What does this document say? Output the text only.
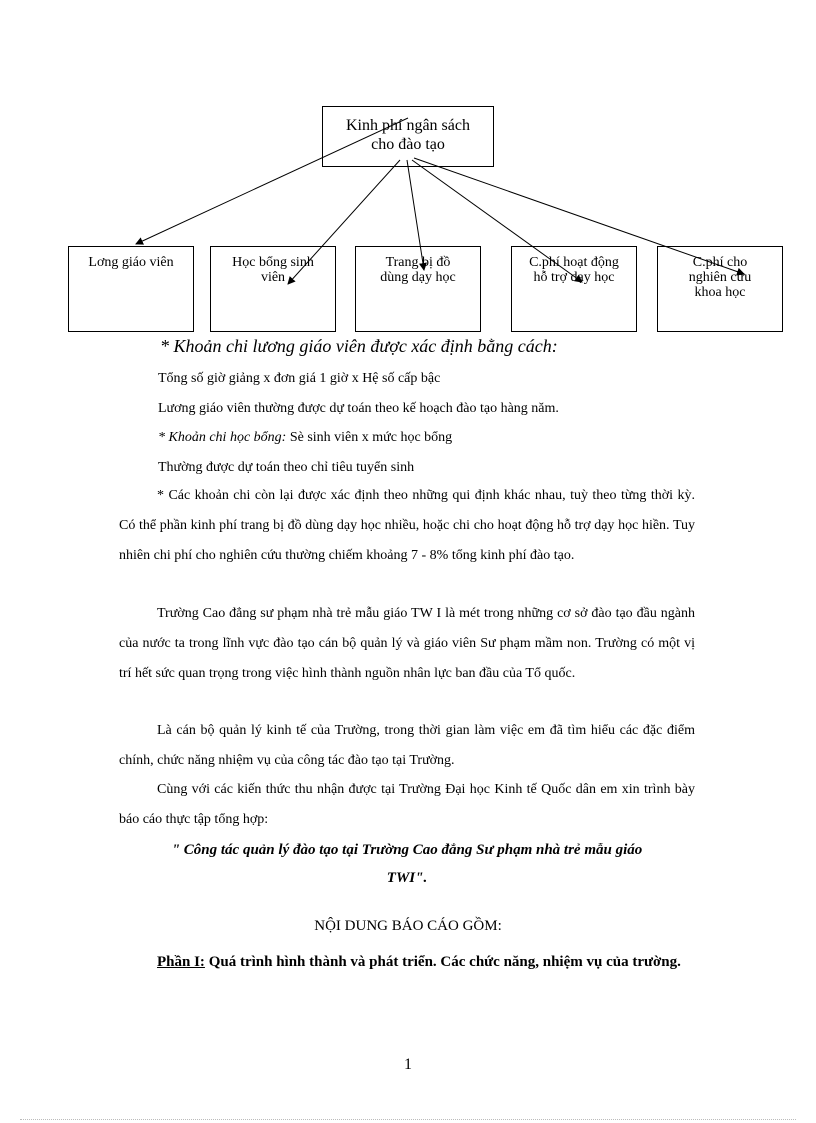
Kinh phí ngân sách
cho đào tạo
Lơng giáo viên	Học bổng sinh
viên
Trang bị đồ
dùng dạy học
C.phí hoạt động
hỗ trợ dạy học
C.phí cho
nghiên cứu
khoa học
* Khoản chi lương giáo viên được xác định bằng cách:
Tổng số giờ giảng x đơn giá 1 giờ x Hệ số cấp bậc
Lương giáo viên thường được dự toán theo kế hoạch đào tạo hàng năm.
* Khoản chi học bổng: Sè sinh viên x mức học bổng
Thường được dự toán theo chỉ tiêu tuyển sinh
* Các khoản chi còn lại được xác định theo những qui định khác nhau, tuỳ theo từng thời kỳ. Có thể phần kinh phí trang bị đồ dùng dạy học nhiều, hoặc chi cho hoạt động hỗ trợ dạy học hiền. Tuy nhiên chi phí cho nghiên cứu thường chiếm khoảng 7 - 8% tổng kinh phí đào tạo.
Trường Cao đẳng sư phạm nhà trẻ mẫu giáo TW I là mét trong những cơ sở đào tạo đầu ngành của nước ta trong lĩnh vực đào tạo cán bộ quản lý và giáo viên Sư phạm mầm non. Trường có một vị trí hết sức quan trọng trong việc hình thành nguồn nhân lực ban đầu của Tổ quốc.
Là cán bộ quản lý kinh tế của Trường, trong thời gian làm việc em đã tìm hiểu các đặc điểm chính, chức năng nhiệm vụ của công tác đào tạo tại Trường.
Cùng với các kiến thức thu nhận được tại Trường Đại học Kinh tế Quốc dân em xin trình bày báo cáo thực tập tổng hợp:
" Công tác quản lý đào tạo tại Trường Cao đẳng Sư phạm nhà trẻ mẫu giáo
TWI".
NỘI DUNG BÁO CÁO GỒM:
Phần I: Quá trình hình thành và phát triển. Các chức năng, nhiệm vụ của trường.
1
